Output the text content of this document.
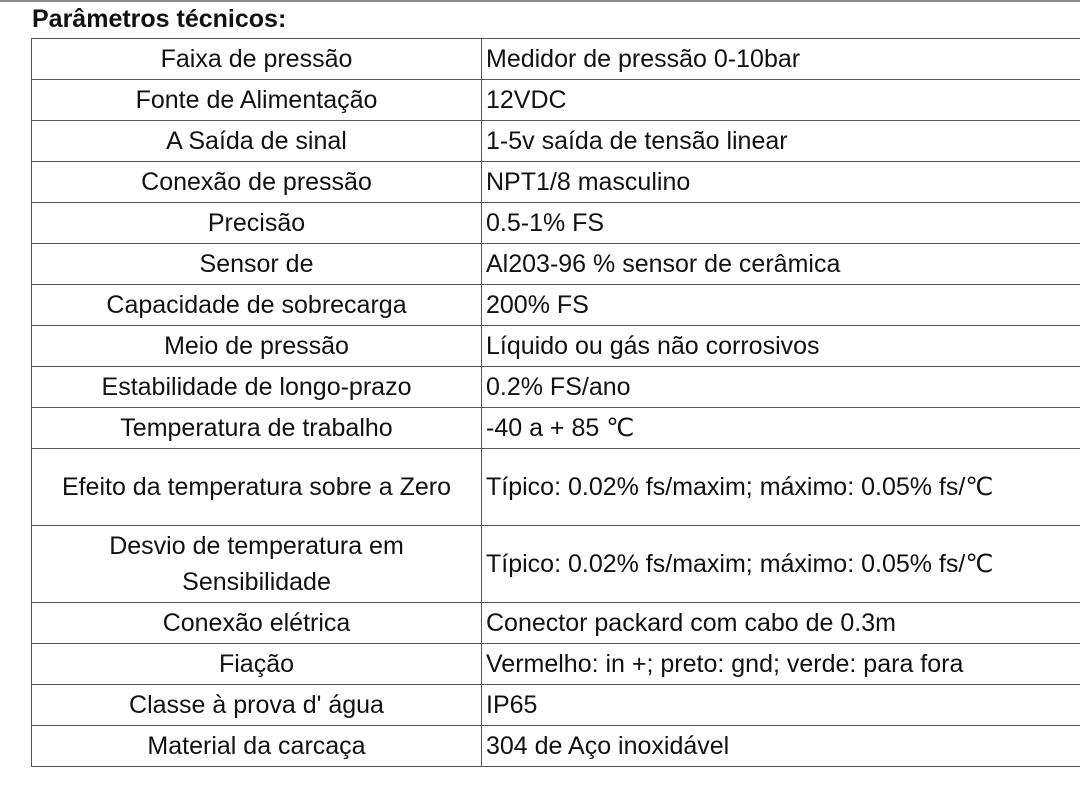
Parâmetros técnicos:
Faixa de pressão	Medidor de pressão 0-10bar
Fonte de Alimentação	12VDC
A Saída de sinal	1-5v saída de tensão linear
Conexão de pressão	NPT1/8 masculino
Precisão	0.5-1% FS
Sensor de	Al203-96 % sensor de cerâmica
Capacidade de sobrecarga	200% FS
Meio de pressão	Líquido ou gás não corrosivos
Estabilidade de longo-prazo	0.2% FS/ano
Temperatura de trabalho	-40 a + 85 ℃
Efeito da temperatura sobre a Zero	Típico: 0.02% fs/maxim; máximo: 0.05% fs/℃

Desvio de temperatura em Sensibilidade	Típico: 0.02% fs/maxim; máximo: 0.05% fs/℃

Conexão elétrica	Conector packard com cabo de 0.3m
Fiação	Vermelho: in +; preto: gnd; verde: para fora
Classe à prova d' água	IP65
Material da carcaça	304 de Aço inoxidável
